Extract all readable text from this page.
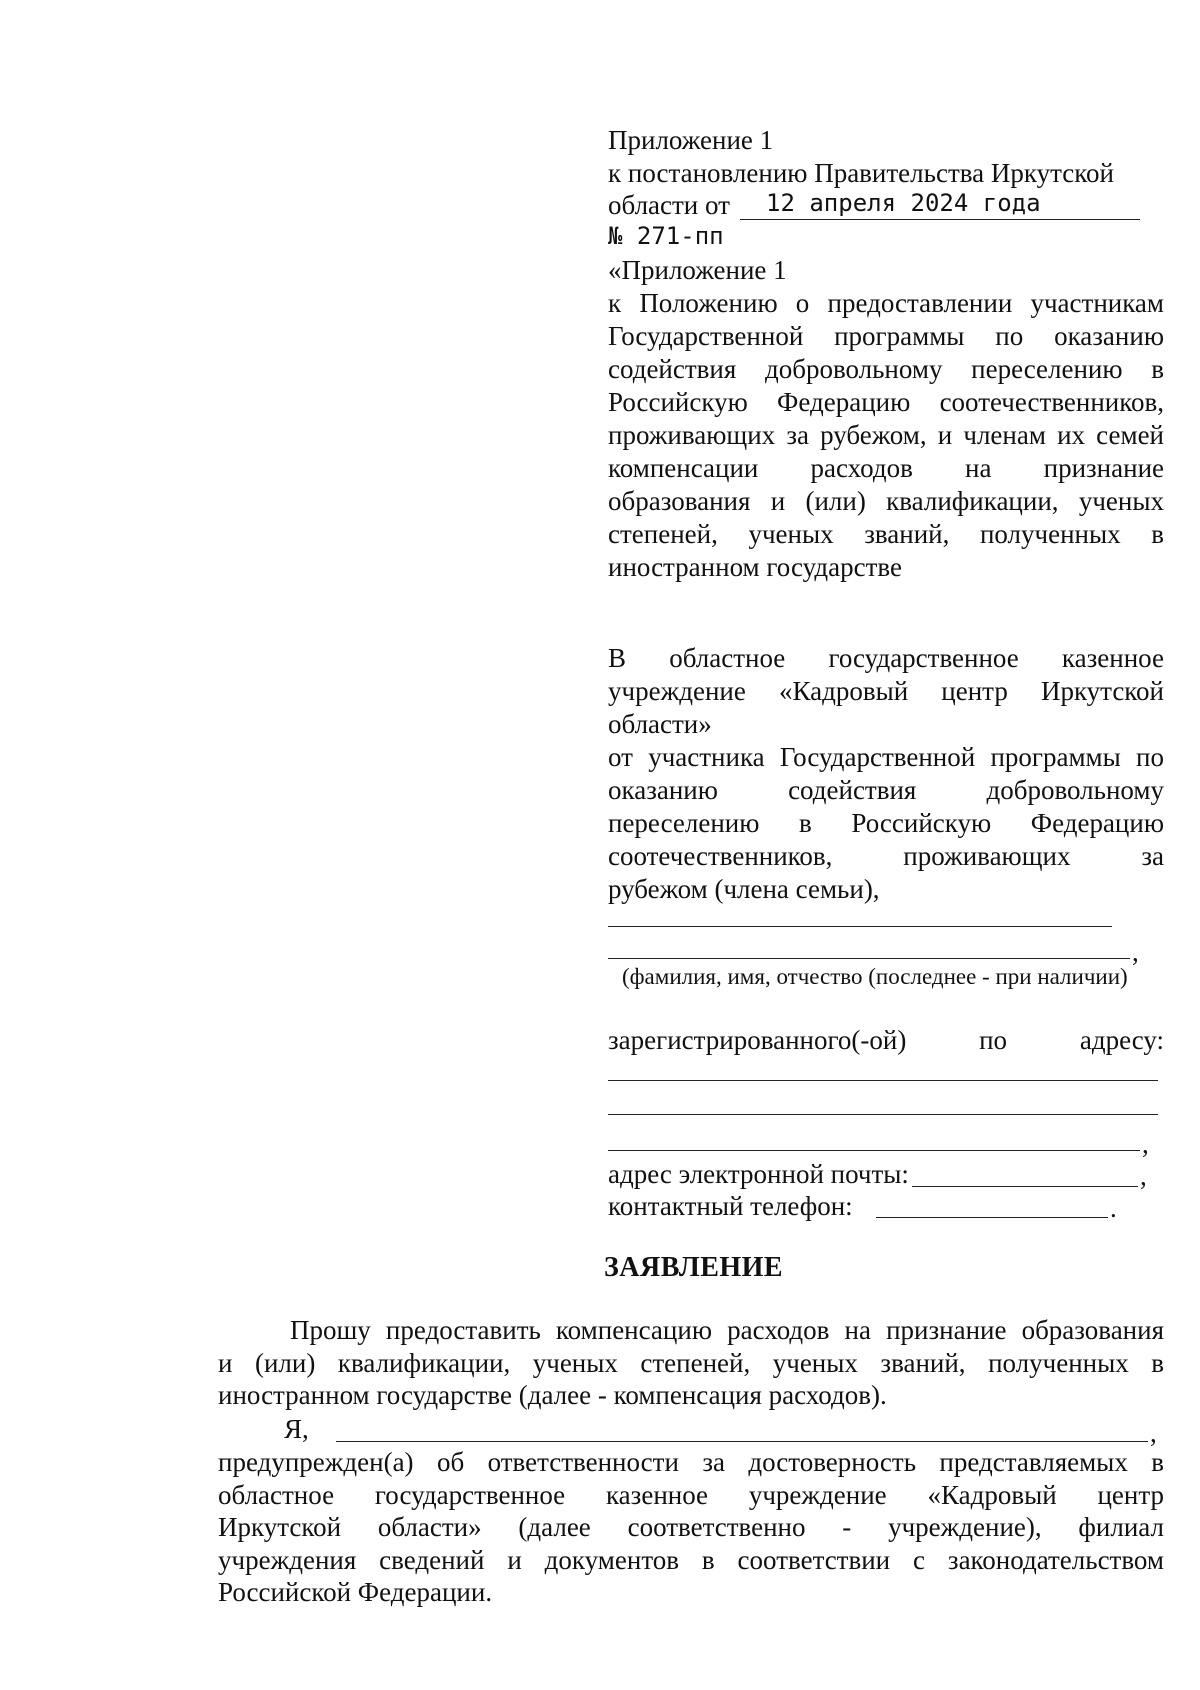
Приложение 1
к постановлению Правительства Иркутской
области от 12 апреля 2024 года
№ 271-пп
«Приложение 1
к Положению о предоставлении участникам
Государственной программы по оказанию
содействия добровольному переселению в
Российскую Федерацию соотечественников,
проживающих за рубежом, и членам их семей
компенсации расходов на признание
образования и (или) квалификации, ученых
степеней, ученых званий, полученных в
иностранном государстве
В областное государственное казенное
учреждение «Кадровый центр Иркутской
области»
от участника Государственной программы по
оказанию содействия добровольному
переселению в Российскую Федерацию
соотечественников, проживающих за
рубежом (члена семьи),
,
(фамилия, имя, отчество (последнее - при наличии)
зарегистрированного(-ой) по адресу:
,
адрес электронной почты:	,
контактный телефон:	.
ЗАЯВЛЕНИЕ
Прошу предоставить компенсацию расходов на признание образования
и (или) квалификации, ученых степеней, ученых званий, полученных в
иностранном государстве (далее - компенсация расходов).
Я,	,
предупрежден(а) об ответственности за достоверность представляемых в
областное государственное казенное учреждение «Кадровый центр
Иркутской области» (далее соответственно - учреждение), филиал
учреждения сведений и документов в соответствии с законодательством
Российской Федерации.
